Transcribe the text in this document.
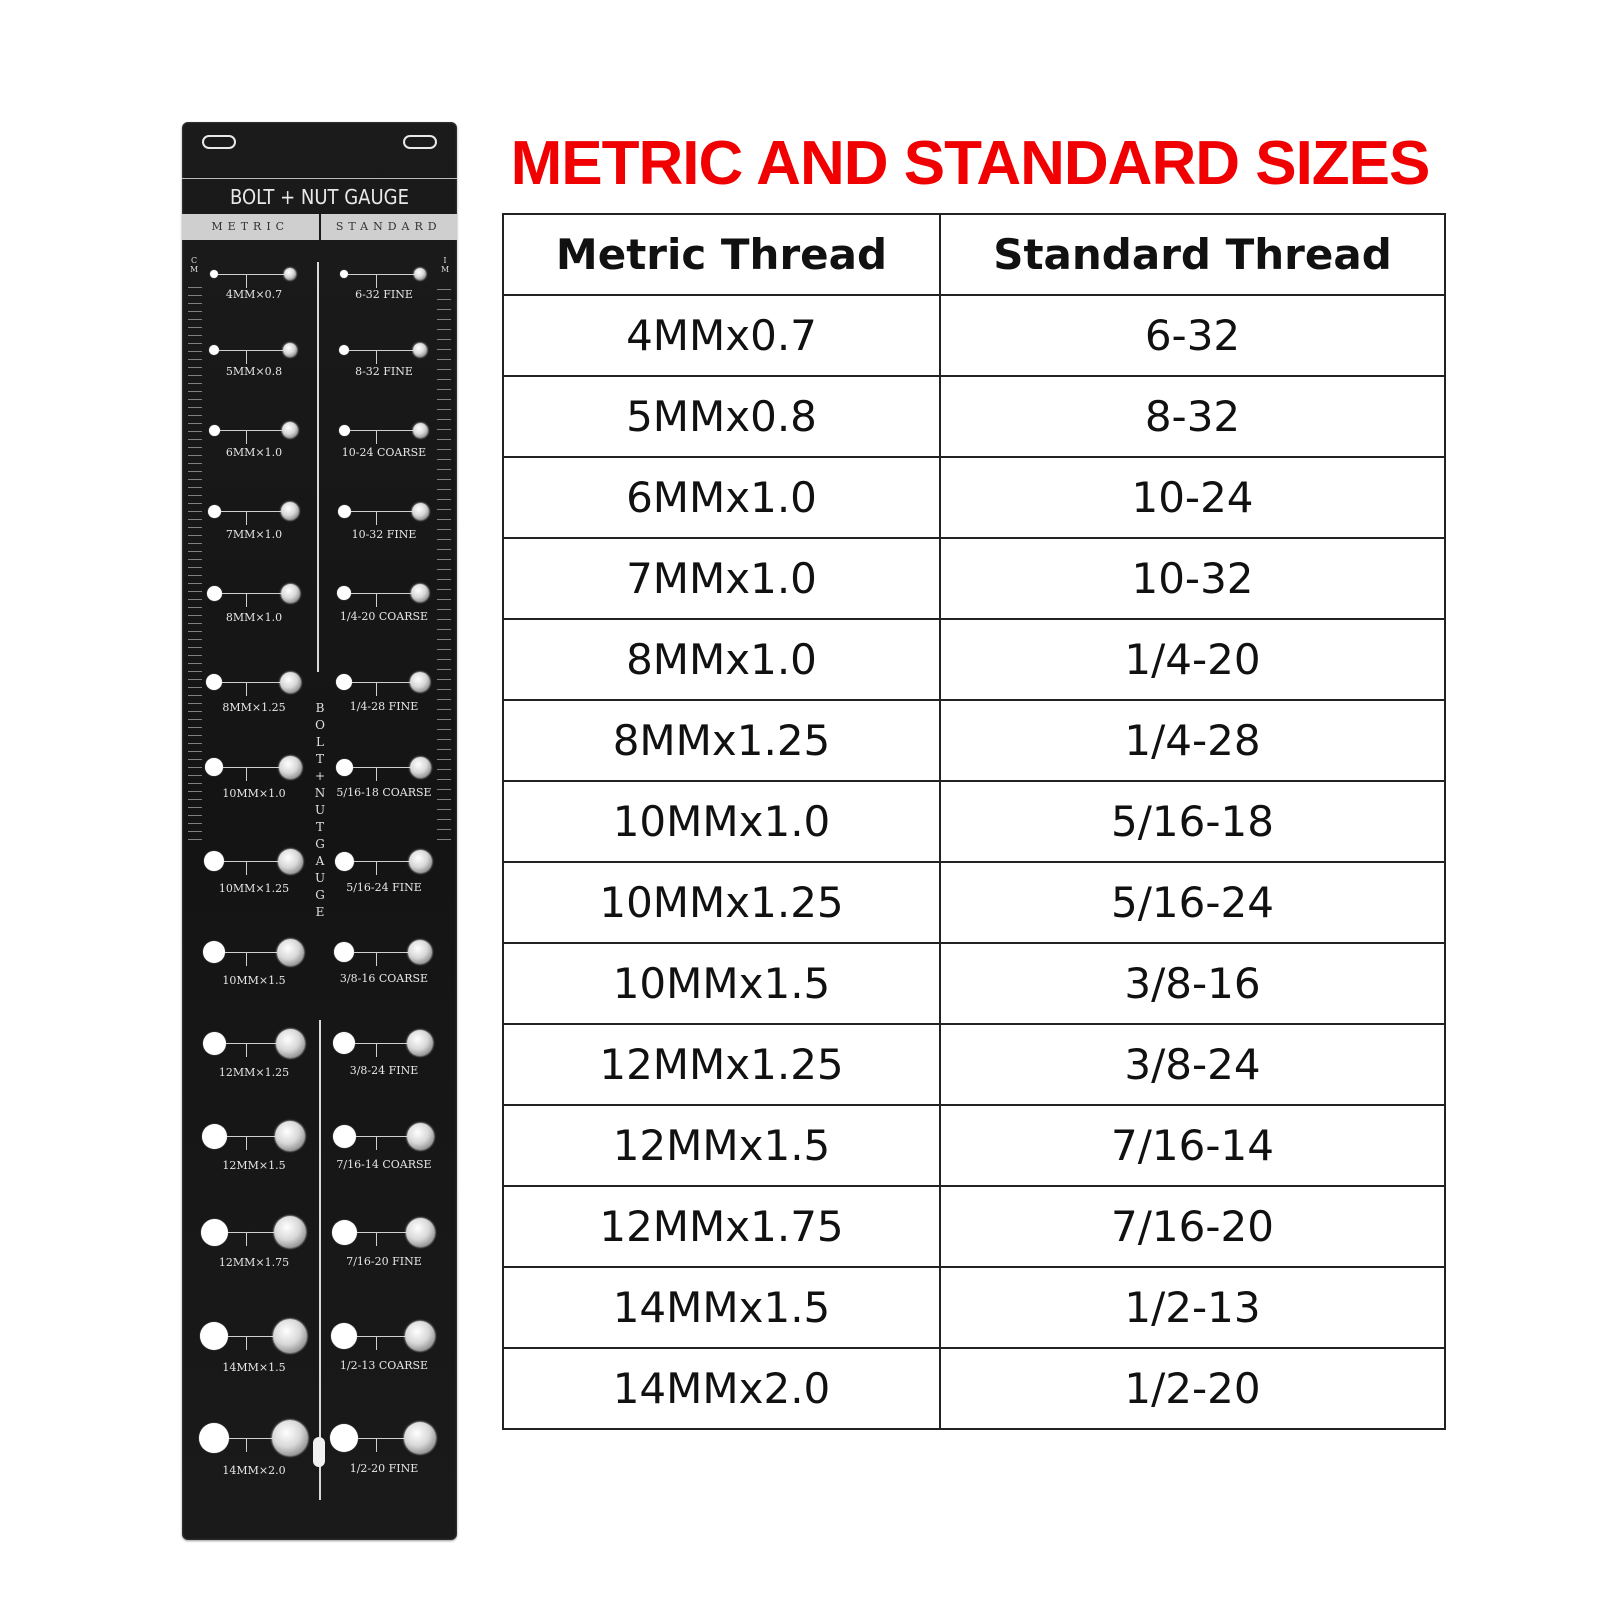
BOLT + NUT GAUGE
METRIC	STANDARD
C M
I M
BOLT + NUT GAUGE
4MM×0.7	6-32 FINE
5MM×0.8	8-32 FINE
6MM×1.0	10-24 COARSE
7MM×1.0	10-32 FINE
8MM×1.0	1/4-20 COARSE
8MM×1.25	1/4-28 FINE
10MM×1.0	5/16-18 COARSE
10MM×1.25	5/16-24 FINE
10MM×1.5	3/8-16 COARSE
12MM×1.25	3/8-24 FINE
12MM×1.5	7/16-14 COARSE
12MM×1.75	7/16-20 FINE
14MM×1.5	1/2-13 COARSE
14MM×2.0	1/2-20 FINE
METRIC AND STANDARD SIZES
Metric Thread	Standard Thread
4MMx0.7	6-32
5MMx0.8	8-32
6MMx1.0	10-24
7MMx1.0	10-32
8MMx1.0	1/4-20
8MMx1.25	1/4-28
10MMx1.0	5/16-18
10MMx1.25	5/16-24
10MMx1.5	3/8-16
12MMx1.25	3/8-24
12MMx1.5	7/16-14
12MMx1.75	7/16-20
14MMx1.5	1/2-13
14MMx2.0	1/2-20
